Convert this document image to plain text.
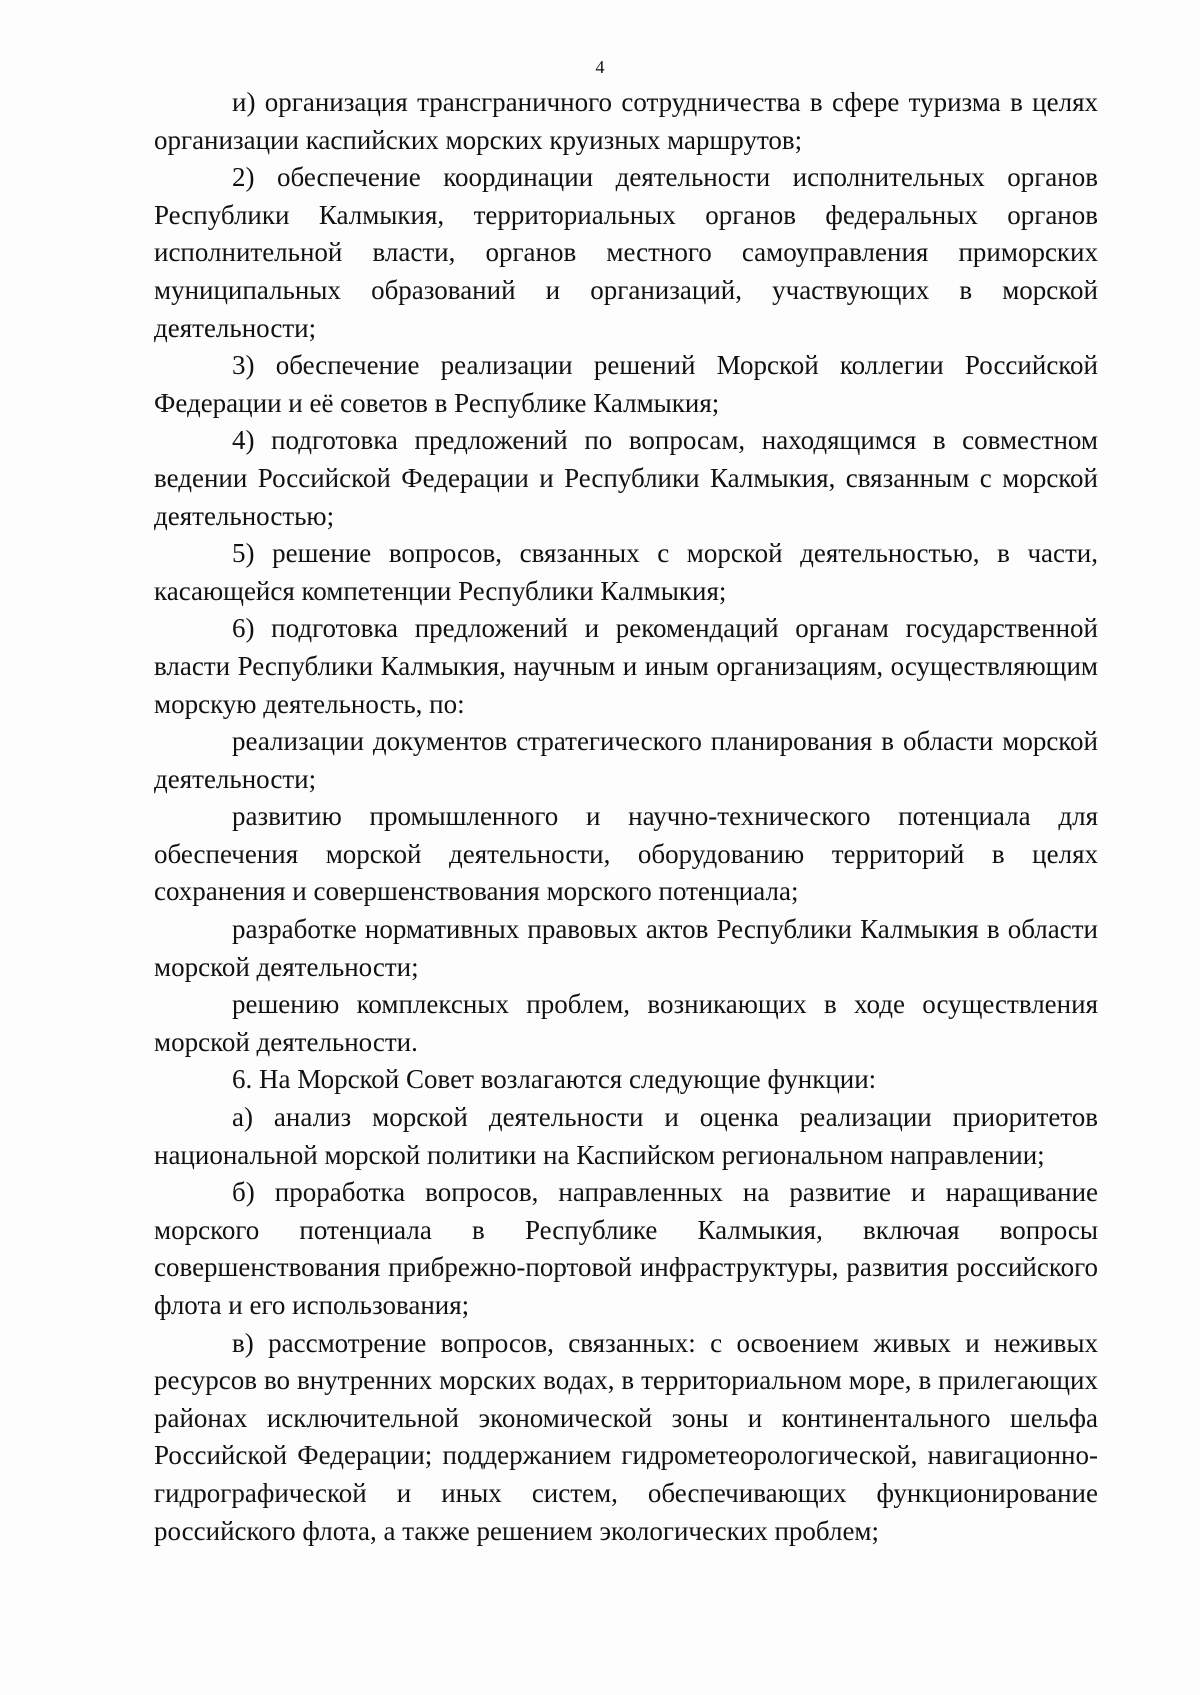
4

и) организация трансграничного сотрудничества в сфере туризма в целях организации каспийских морских круизных маршрутов;

2) обеспечение координации деятельности исполнительных органов Республики Калмыкия, территориальных органов федеральных органов исполнительной власти, органов местного самоуправления приморских муниципальных образований и организаций, участвующих в морской деятельности;

3) обеспечение реализации решений Морской коллегии Российской Федерации и её советов в Республике Калмыкия;

4) подготовка предложений по вопросам, находящимся в совместном ведении Российской Федерации и Республики Калмыкия, связанным с морской деятельностью;

5) решение вопросов, связанных с морской деятельностью, в части, касающейся компетенции Республики Калмыкия;

6) подготовка предложений и рекомендаций органам государственной власти Республики Калмыкия, научным и иным организациям, осуществляющим морскую деятельность, по:

реализации документов стратегического планирования в области морской деятельности;

развитию промышленного и научно-технического потенциала для обеспечения морской деятельности, оборудованию территорий в целях сохранения и совершенствования морского потенциала;

разработке нормативных правовых актов Республики Калмыкия в области морской деятельности;

решению комплексных проблем, возникающих в ходе осуществления морской деятельности.

6. На Морской Совет возлагаются следующие функции:

а) анализ морской деятельности и оценка реализации приоритетов национальной морской политики на Каспийском региональном направлении;

б) проработка вопросов, направленных на развитие и наращивание морского потенциала в Республике Калмыкия, включая вопросы совершенствования прибрежно-портовой инфраструктуры, развития российского флота и его использования;

в) рассмотрение вопросов, связанных: с освоением живых и неживых ресурсов во внутренних морских водах, в территориальном море, в прилегающих районах исключительной экономической зоны и континентального шельфа Российской Федерации; поддержанием гидрометеорологической, навигационно-гидрографической и иных систем, обеспечивающих функционирование российского флота, а также решением экологических проблем;
